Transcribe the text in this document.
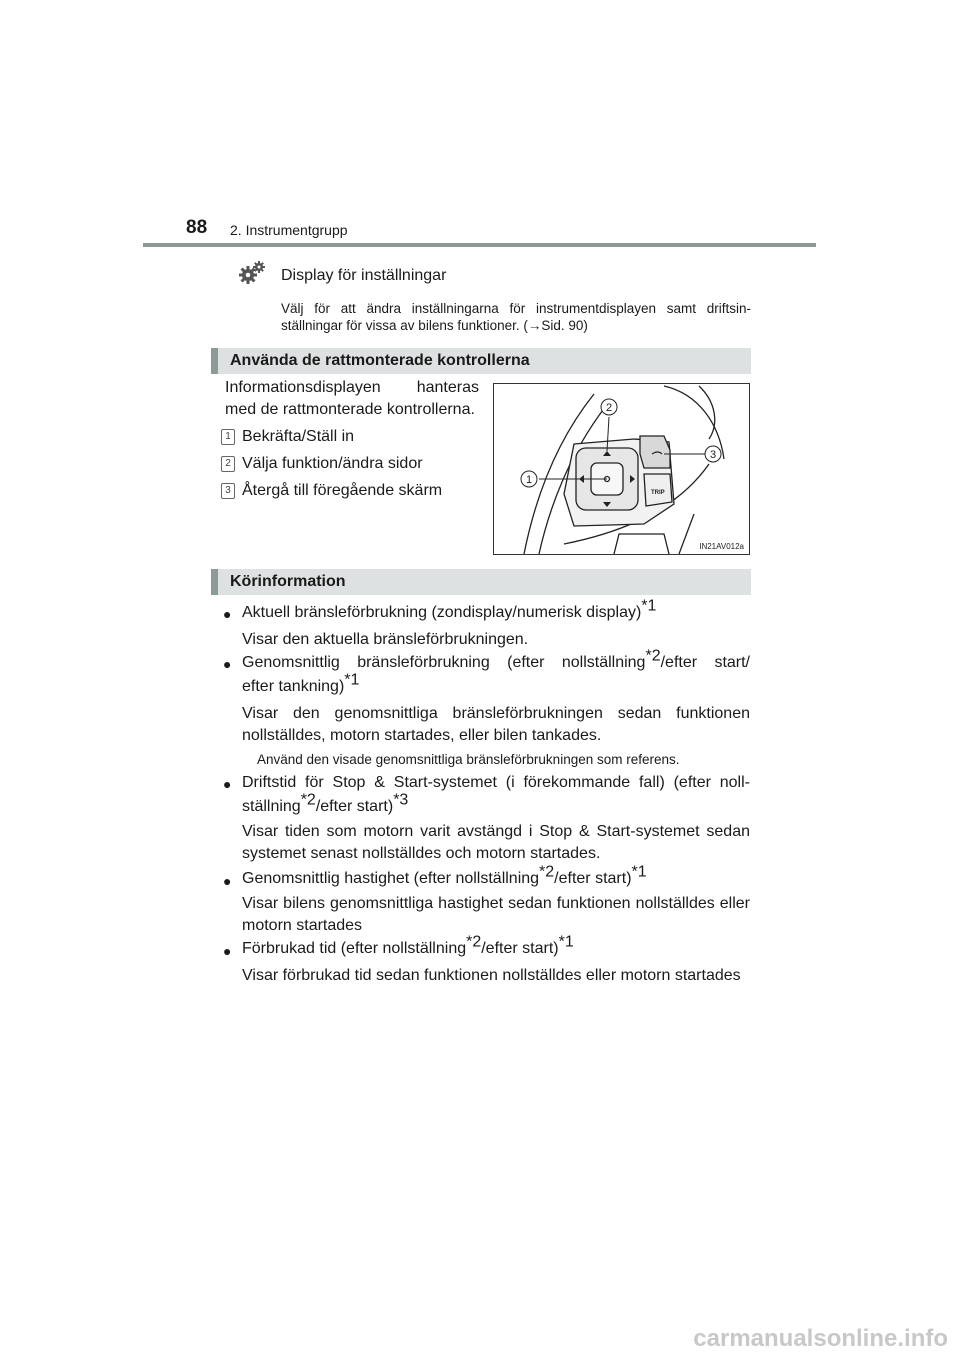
88 2. Instrumentgrupp
Display för inställningar
Välj för att ändra inställningarna för instrumentdisplayen samt driftsin-ställningar för vissa av bilens funktioner. (→Sid. 90)
Använda de rattmonterade kontrollerna
Informationsdisplayen hanteras med de rattmonterade kontrollerna.
1 Bekräfta/Ställ in
2 Välja funktion/ändra sidor
3 Återgå till föregående skärm	TRIP
1
2
3
IN21AV012a
Körinformation
● Aktuell bränsleförbrukning (zondisplay/numerisk display)$^{*1}$
Visar den aktuella bränsleförbrukningen.
● Genomsnittlig bränsleförbrukning (efter nollställning$^{*2}$/efter start/
efter tankning)$^{*1}$
Visar den genomsnittliga bränsleförbrukningen sedan funktionen nollställdes, motorn startades, eller bilen tankades.
Använd den visade genomsnittliga bränsleförbrukningen som referens.
● Driftstid för Stop & Start-systemet (i förekommande fall) (efter noll-
ställning$^{*2}$/efter start)$^{*3}$
Visar tiden som motorn varit avstängd i Stop & Start-systemet sedan systemet senast nollställdes och motorn startades.
● Genomsnittlig hastighet (efter nollställning$^{*2}$/efter start)$^{*1}$
Visar bilens genomsnittliga hastighet sedan funktionen nollställdes eller motorn startades
● Förbrukad tid (efter nollställning$^{*2}$/efter start)$^{*1}$
Visar förbrukad tid sedan funktionen nollställdes eller motorn startades
carmanualsonline.info
